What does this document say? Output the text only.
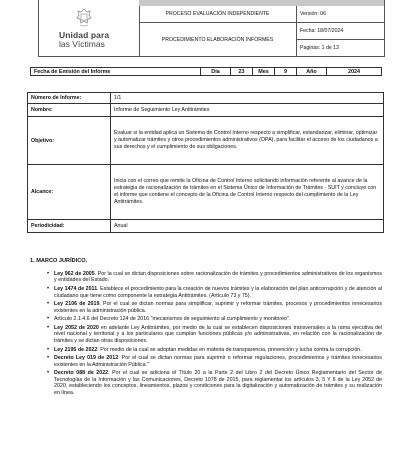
Unidad para
las Víctimas
PROCESO EVALUACIÓN INDEPENDIENTE	Versión: 06
PROCEDIMIENTO ELABORACIÓN INFORMES
Fecha: 18/07/2024
Paginas: 1 de 13
Fecha de Emisión del Informe	Día	23	Mes	9	Año	2024
Número de Informe:	1/1
Nombre:	Informe de Seguimiento Ley Antitrámites
Objetivo:	Evaluar si la entidad aplica un Sistema de Control Interno respecto a simplificar, estandarizar, eliminar, optimizar y automatizar trámites y otros procedimientos administrativos (OPA), para facilitar el acceso de los ciudadanos a sus derechos y el cumplimiento de sus obligaciones.
Alcance:	Inicia con el correo que remite la Oficina de Control Interno solicitando información referente al avance de la estrategia de racionalización de trámites en el Sistema Único de Información de Trámites - SUIT y concluye con el informe que contiene el concepto de la Oficina de Control Interno respecto del cumplimiento de la Ley Antitrámites.
Periodicidad:	Anual
1. MARCO JURÍDICO.
• Ley 962 de 2005. Por la cual se dictan disposiciones sobre racionalización de trámites y procedimientos administrativos de los organismos y entidades del Estado.
• Ley 1474 de 2011. Establece el procedimiento para la creación de nuevos trámites y la elaboración del plan anticorrupción y de atención al ciudadano que tiene como componente la estrategia Antitrámites. (Artículo 73 y 75).
• Ley 2106 de 2019. Por el cual se dictan normas para simplificar, suprimir y reformar trámites, procesos y procedimientos innecesarios existentes en la administración pública.
• Artículo 2.1.4.6 del Decreto 124 de 2016 "mecanismos de seguimiento al cumplimiento y monitoreo".
• Ley 2052 de 2020 en adelante Ley Antitrámites, por medio de la cual se establecen disposiciones transversales a la rama ejecutiva del nivel nacional y territorial y a los particulares que cumplan funciones públicas y/o administrativas, en relación con la racionalización de trámites y se dictan otras disposiciones.
• Ley 2195 de 2022: Por medio de la cual se adoptan medidas en materia de transparencia, prevención y lucha contra la corrupción.
• Decreto Ley 019 de 2012. Por el cual se dictan normas para suprimir o reformar regulaciones, procedimientos y trámites innecesarios existentes en la Administración Pública."
• Decreto 088 de 2022. Por el cual se adiciona el Título 20 a la Parte 2 del Libro 2 del Decreto Único Reglamentario del Sector de Tecnologías de la Información y las Comunicaciones, Decreto 1078 de 2015, para reglamentar los artículos 3, 5 Y 6 de la Ley 2052 de 2020, estableciendo los conceptos, lineamientos, plazos y condiciones para la digitalización y automatización de trámites y su realización en línea.
